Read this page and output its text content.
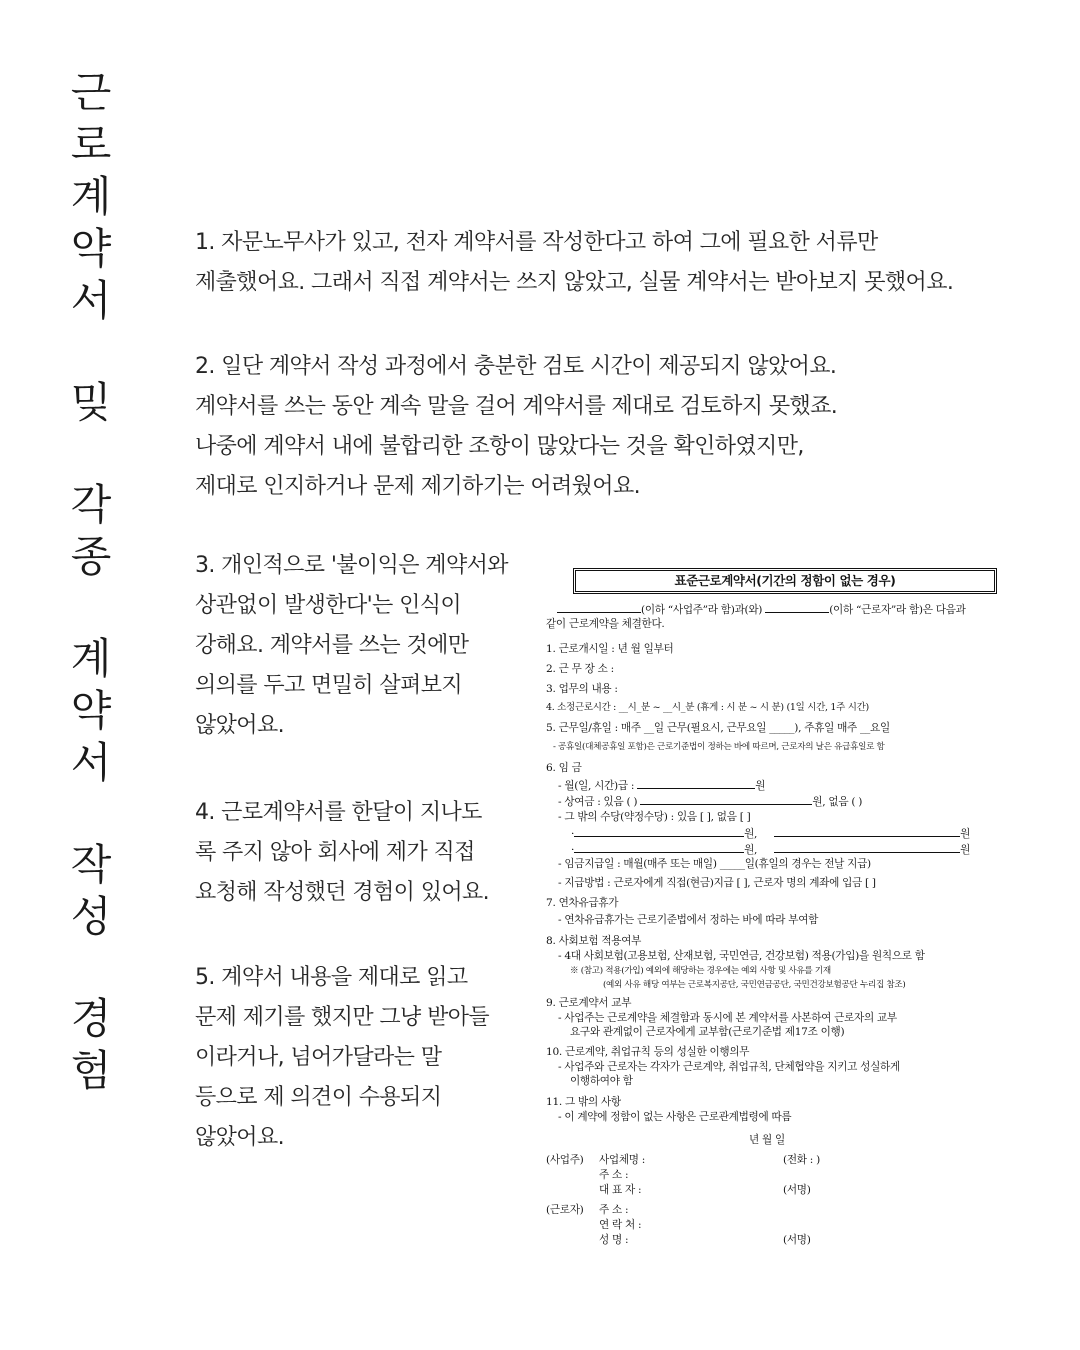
근
로
계
약
서
밎
각
종
계
약
서
작
성
경
험
1. 자문노무사가 있고, 전자 계약서를 작성한다고 하여 그에 필요한 서류만
제출했어요. 그래서 직접 계약서는 쓰지 않았고, 실물 계약서는 받아보지 못했어요.
2. 일단 계약서 작성 과정에서 충분한 검토 시간이 제공되지 않았어요.
계약서를 쓰는 동안 계속 말을 걸어 계약서를 제대로 검토하지 못했죠.
나중에 계약서 내에 불합리한 조항이 많았다는 것을 확인하였지만,
제대로 인지하거나 문제 제기하기는 어려웠어요.
3. 개인적으로 '불이익은 계약서와
상관없이 발생한다'는 인식이
강해요. 계약서를 쓰는 것에만
의의를 두고 면밀히 살펴보지
않았어요.
4. 근로계약서를 한달이 지나도
록 주지 않아 회사에 제가 직접
요청해 작성했던 경험이 있어요.
5. 계약서 내용을 제대로 읽고
문제 제기를 했지만 그냥 받아들
이라거나, 넘어가달라는 말
등으로 제 의견이 수용되지
않았어요.
표준근로계약서(기간의 정함이 없는 경우)
(이하 “사업주”라 함)과(와)	(이하 “근로자”라 함)은 다음과
같이 근로계약을 체결한다.
1. 근로개시일 : 년 월 일부터
2. 근 무 장 소 :
3. 업무의 내용 :
4. 소정근로시간 : __시_분 ~ __시_분 (휴게 : 시 분 ~ 시 분) (1일 시간, 1주 시간)
5. 근무일/휴일 : 매주 __일 근무(필요시, 근무요일 _____), 주휴일 매주 __요일
- 공휴일(대체공휴일 포함)은 근로기준법이 정하는 바에 따르며, 근로자의 날은 유급휴일로 함
6. 임 금
- 월(일, 시간)급 :	원
- 상여금 : 있음 ( )	원, 없음 ( )
- 그 밖의 수당(약정수당) : 있음 [ ], 없음 [ ]
·	원,	원
·	원,	원
- 임금지급일 : 매월(매주 또는 매일) _____일(휴일의 경우는 전날 지급)
- 지급방법 : 근로자에게 직접(현금)지급 [ ], 근로자 명의 계좌에 입금 [ ]
7. 연차유급휴가
- 연차유급휴가는 근로기준법에서 정하는 바에 따라 부여함
8. 사회보험 적용여부
- 4대 사회보험(고용보험, 산재보험, 국민연금, 건강보험) 적용(가입)을 원칙으로 함
※ (참고) 적용(가입) 예외에 해당하는 경우에는 예외 사항 및 사유를 기재
(예외 사유 해당 여부는 근로복지공단, 국민연금공단, 국민건강보험공단 누리집 참조)
9. 근로계약서 교부
- 사업주는 근로계약을 체결함과 동시에 본 계약서를 사본하여 근로자의 교부
요구와 관계없이 근로자에게 교부함(근로기준법 제17조 이행)
10. 근로계약, 취업규칙 등의 성실한 이행의무
- 사업주와 근로자는 각자가 근로계약, 취업규칙, 단체협약을 지키고 성실하게
이행하여야 함
11. 그 밖의 사항
- 이 계약에 정함이 없는 사항은 근로관계법령에 따름
년 월 일
(사업주) 사업체명 :	(전화 : )
주 소 :
대 표 자 :	(서명)
(근로자) 주 소 :
연 락 처 :
성 명 :	(서명)
